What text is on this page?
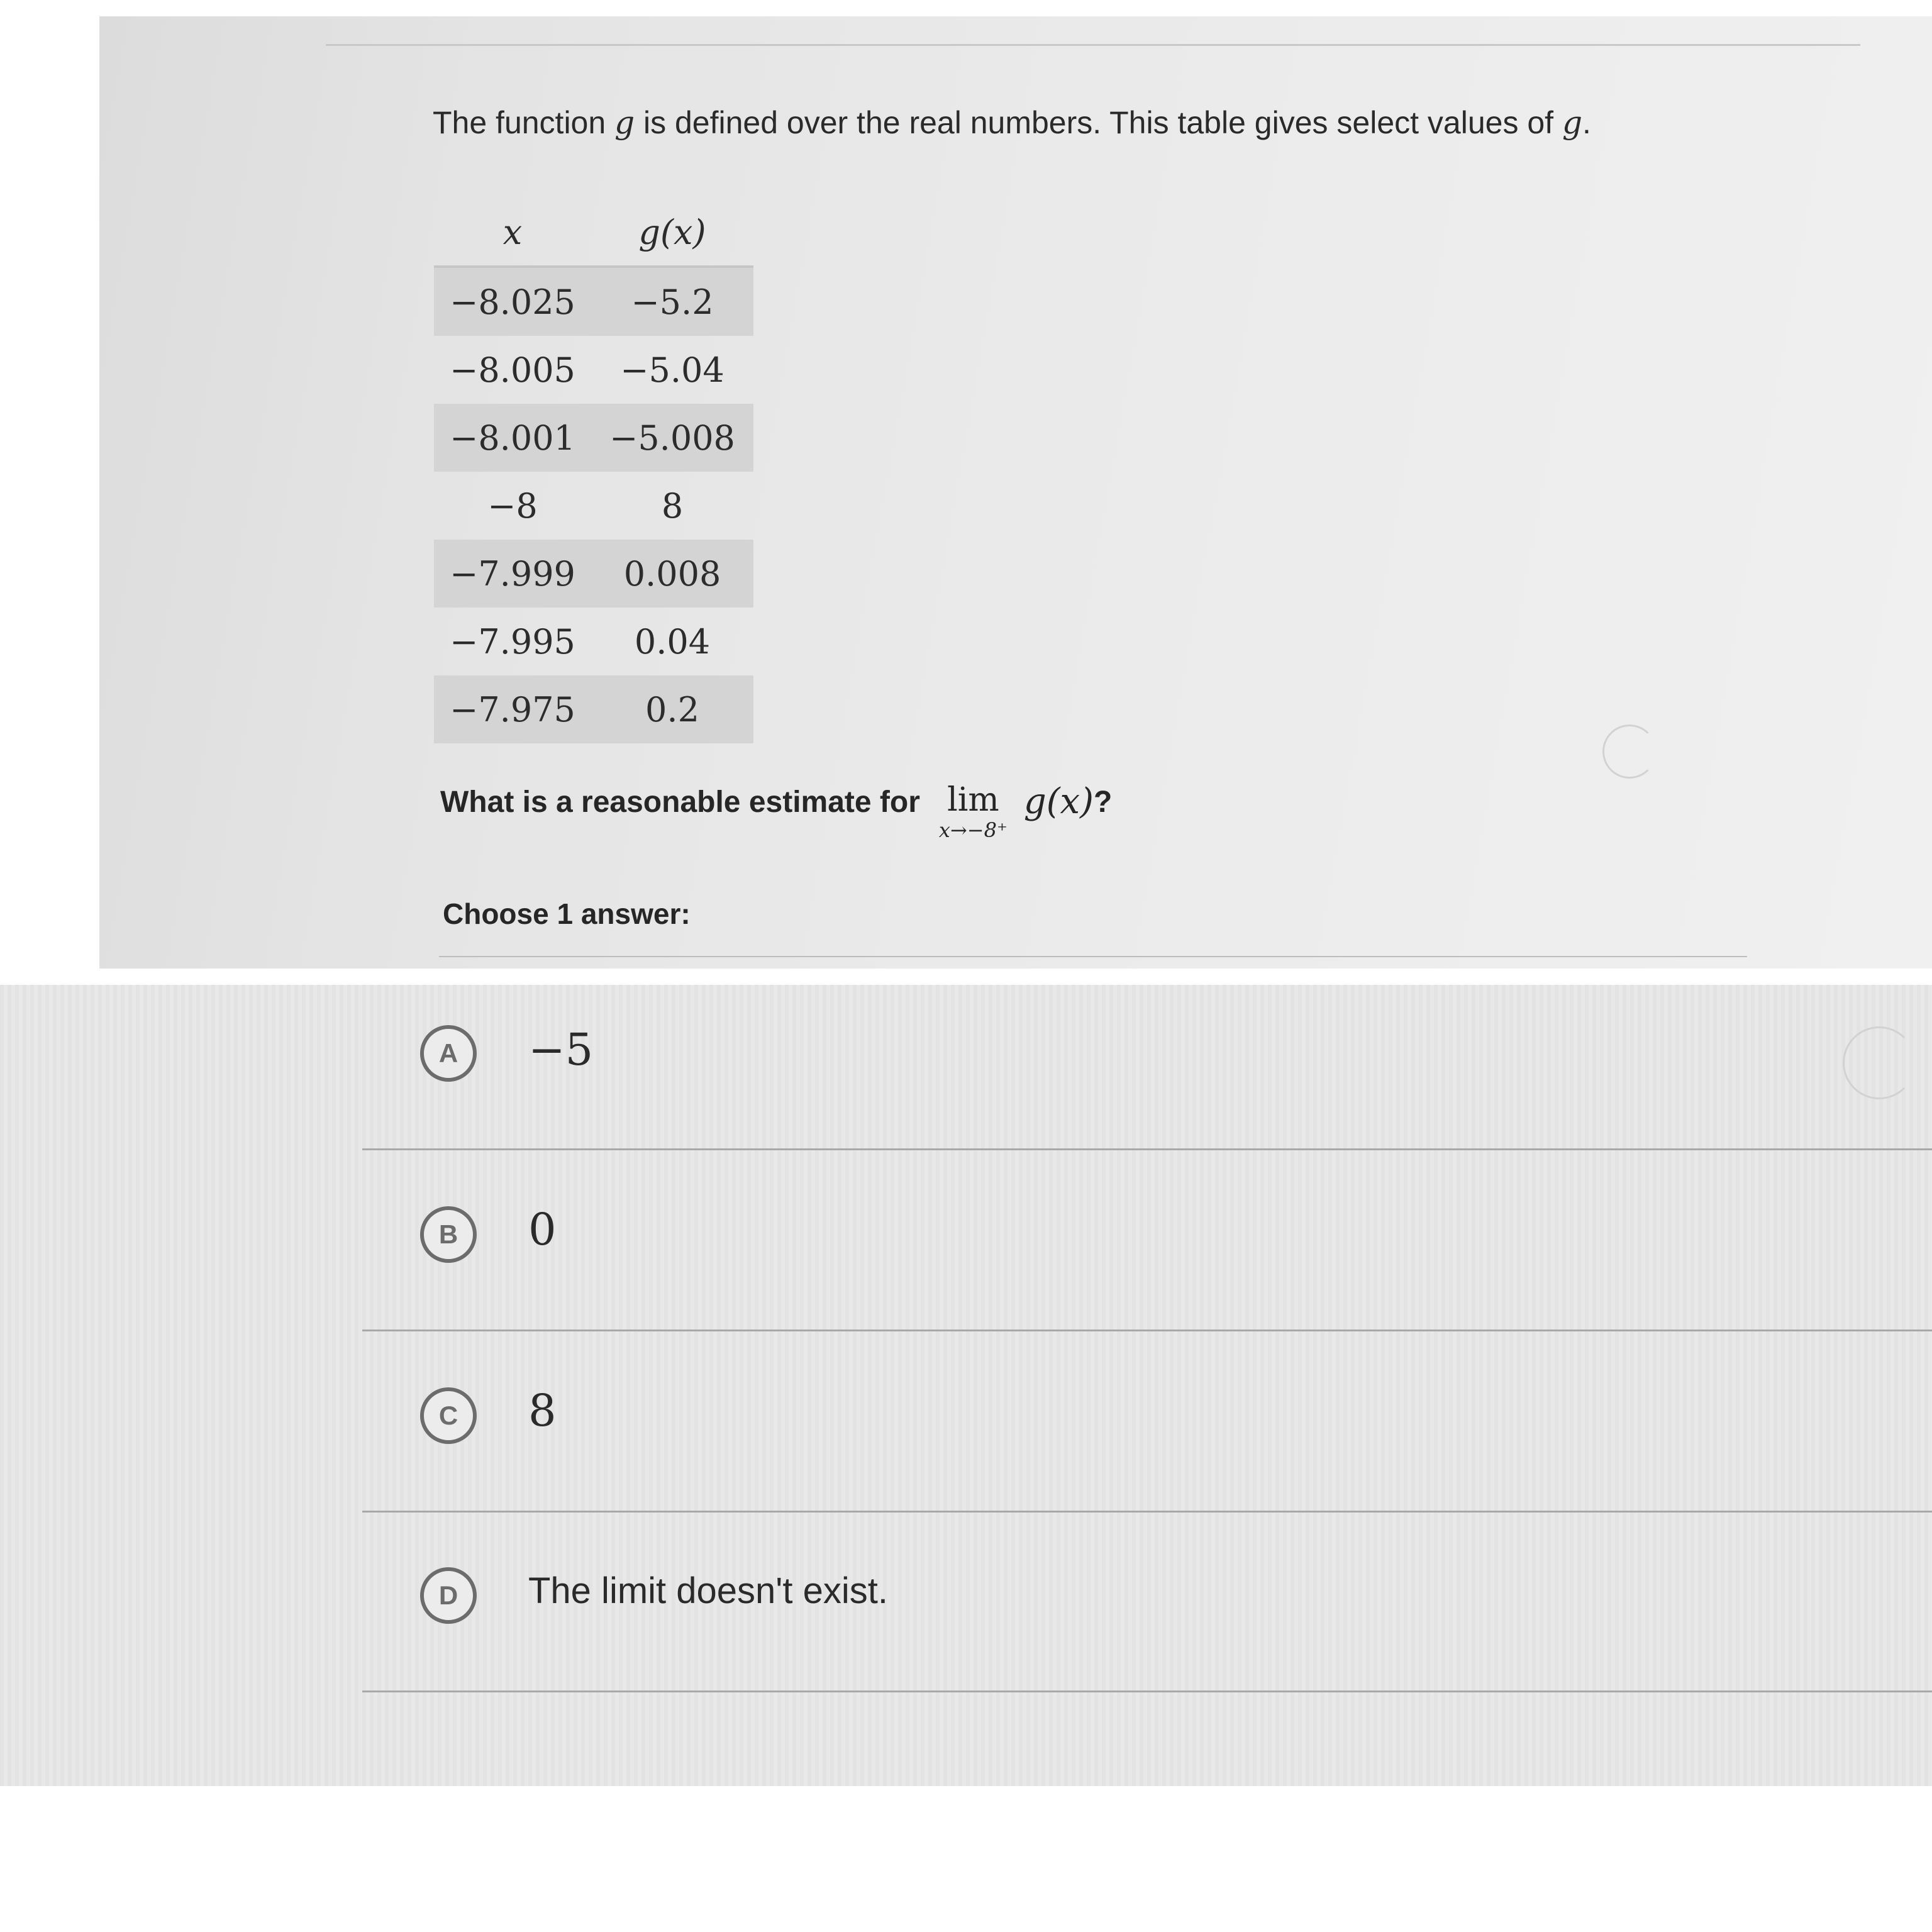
The function g is defined over the real numbers. This table gives select values of g.
x	g(x)
−8.025	−5.2
−8.005	−5.04
−8.001	−5.008
−8	8
−7.999	0.008
−7.995	0.04
−7.975	0.2
What is a reasonable estimate for lim
x→−8⁺
g(x) ?
Choose 1 answer:
A	−5
B	0
C	8
D	The limit doesn't exist.
